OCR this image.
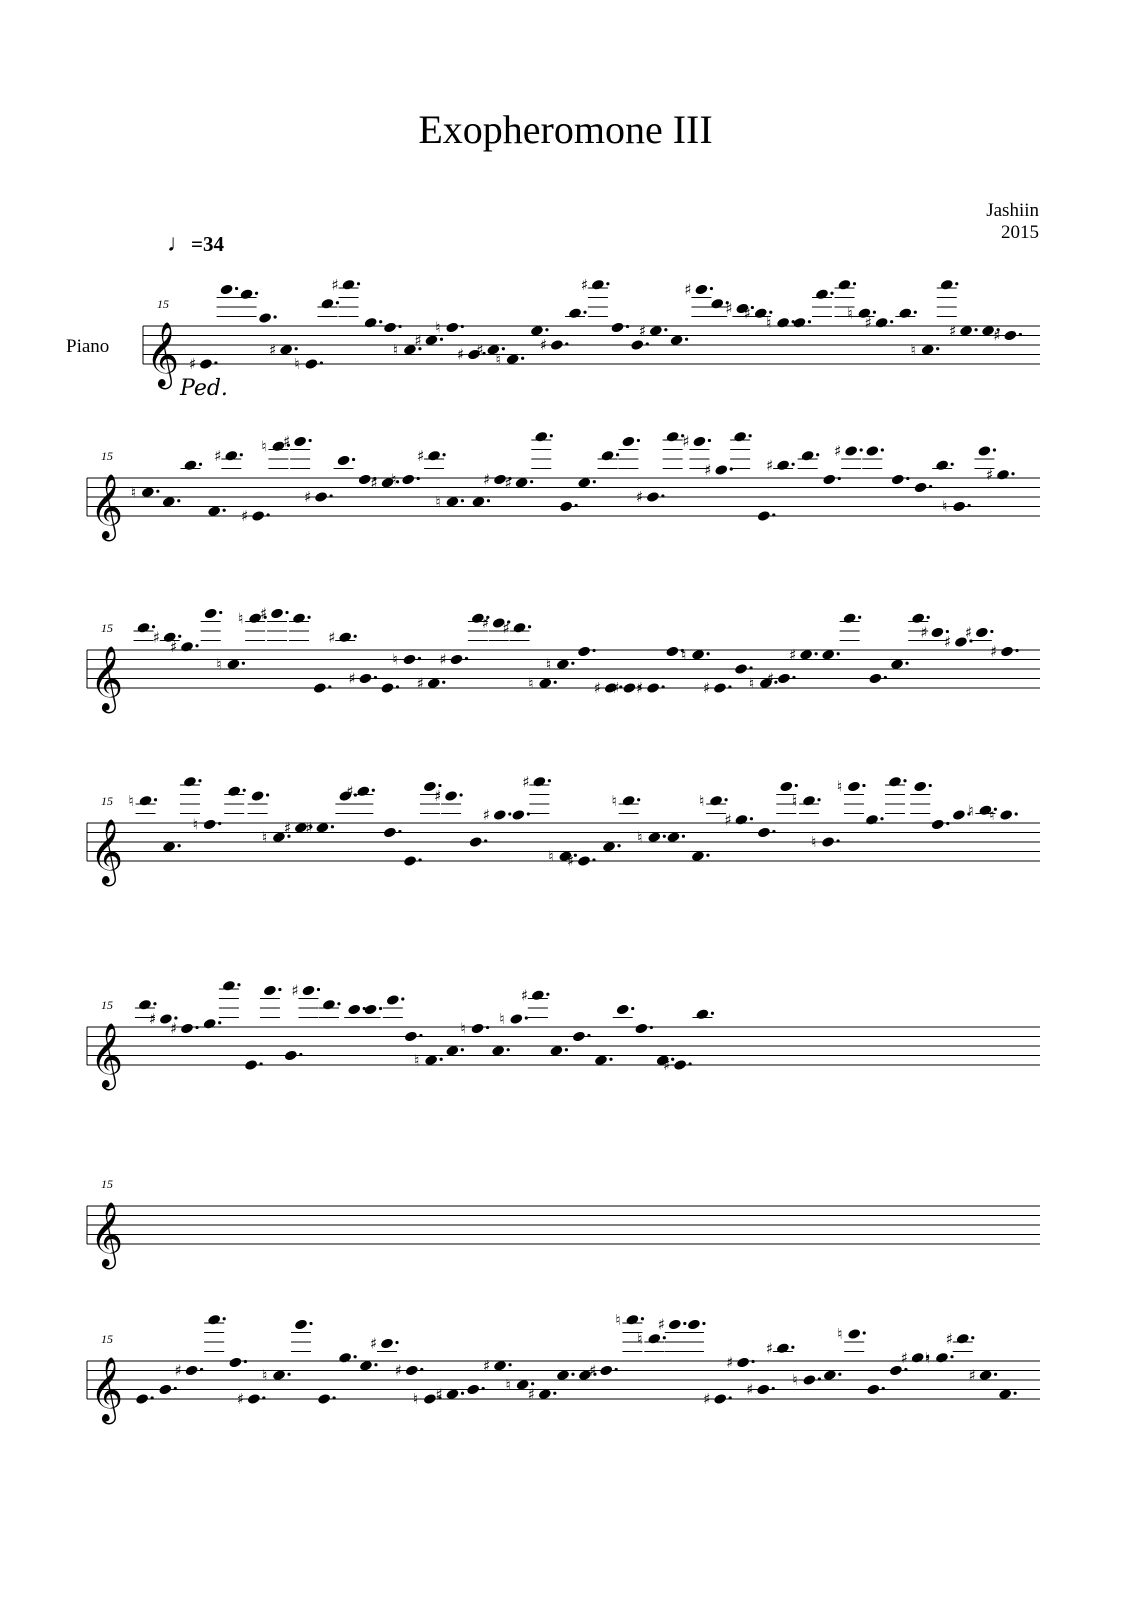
Exopheromone III
Jashiin
2015
♩=34
Piano
Ped.
𝄞
15
♯
♯
♮
♯
♮
♯
♮
♯ ♯
♮
♯
♯
♯
♯
♯ ♯
♮
♮
♯
♮
♯ ♯
𝄞
15
♮
♯
♯
♮ ♯
♯
♯ ♮
♯
♮
♯ ♯
♯
♯
♯	♯
♯
♮
♯
𝄞
15
♯
♯
♮
♮ ♯
♯
♯
♮
♯
♯
♯ ♯
♮
♮
♯ ♯ ♯
♮
♯	♮ ♯
♯
♯
♯
♯
♯
𝄞
15 ♮
♮
♮
♯ ♯
♯	♯
♯
♯
♮ ♯
♮
♮
♮
♯
♮
♮
♮
♮ ♮
𝄞
15
♯
♯
♯
♮
♮
♮
♯
♯
𝄞
15
𝄞
15
♯
♯
♮
♯
♯
♮ ♯
♯
♮
♯
♯
♮
♮
♯
♯
♯
♯
♯
♮
♮
♯ ♮
♯
♯
